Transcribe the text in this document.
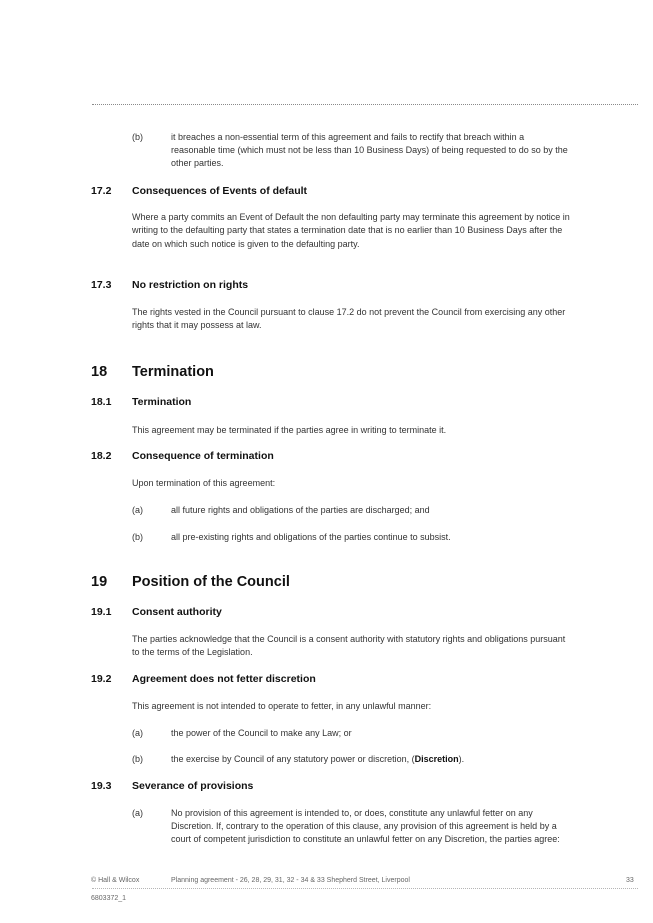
(b)	it breaches a non-essential term of this agreement and fails to rectify that breach within a reasonable time (which must not be less than 10 Business Days) of being requested to do so by the other parties.
17.2 Consequences of Events of default
Where a party commits an Event of Default the non defaulting party may terminate this agreement by notice in writing to the defaulting party that states a termination date that is no earlier than 10 Business Days after the date on which such notice is given to the defaulting party.
17.3 No restriction on rights
The rights vested in the Council pursuant to clause 17.2 do not prevent the Council from exercising any other rights that it may possess at law.
18 Termination
18.1 Termination
This agreement may be terminated if the parties agree in writing to terminate it.
18.2 Consequence of termination
Upon termination of this agreement:
(a)	all future rights and obligations of the parties are discharged; and
(b)	all pre-existing rights and obligations of the parties continue to subsist.
19 Position of the Council
19.1 Consent authority
The parties acknowledge that the Council is a consent authority with statutory rights and obligations pursuant to the terms of the Legislation.
19.2 Agreement does not fetter discretion
This agreement is not intended to operate to fetter, in any unlawful manner:
(a)	the power of the Council to make any Law; or
(b)	the exercise by Council of any statutory power or discretion, (Discretion).
19.3 Severance of provisions
(a)	No provision of this agreement is intended to, or does, constitute any unlawful fetter on any Discretion. If, contrary to the operation of this clause, any provision of this agreement is held by a court of competent jurisdiction to constitute an unlawful fetter on any Discretion, the parties agree:
© Hall & Wilcox	Planning agreement - 26, 28, 29, 31, 32 - 34 & 33 Shepherd Street, Liverpool	33
6803372_1
